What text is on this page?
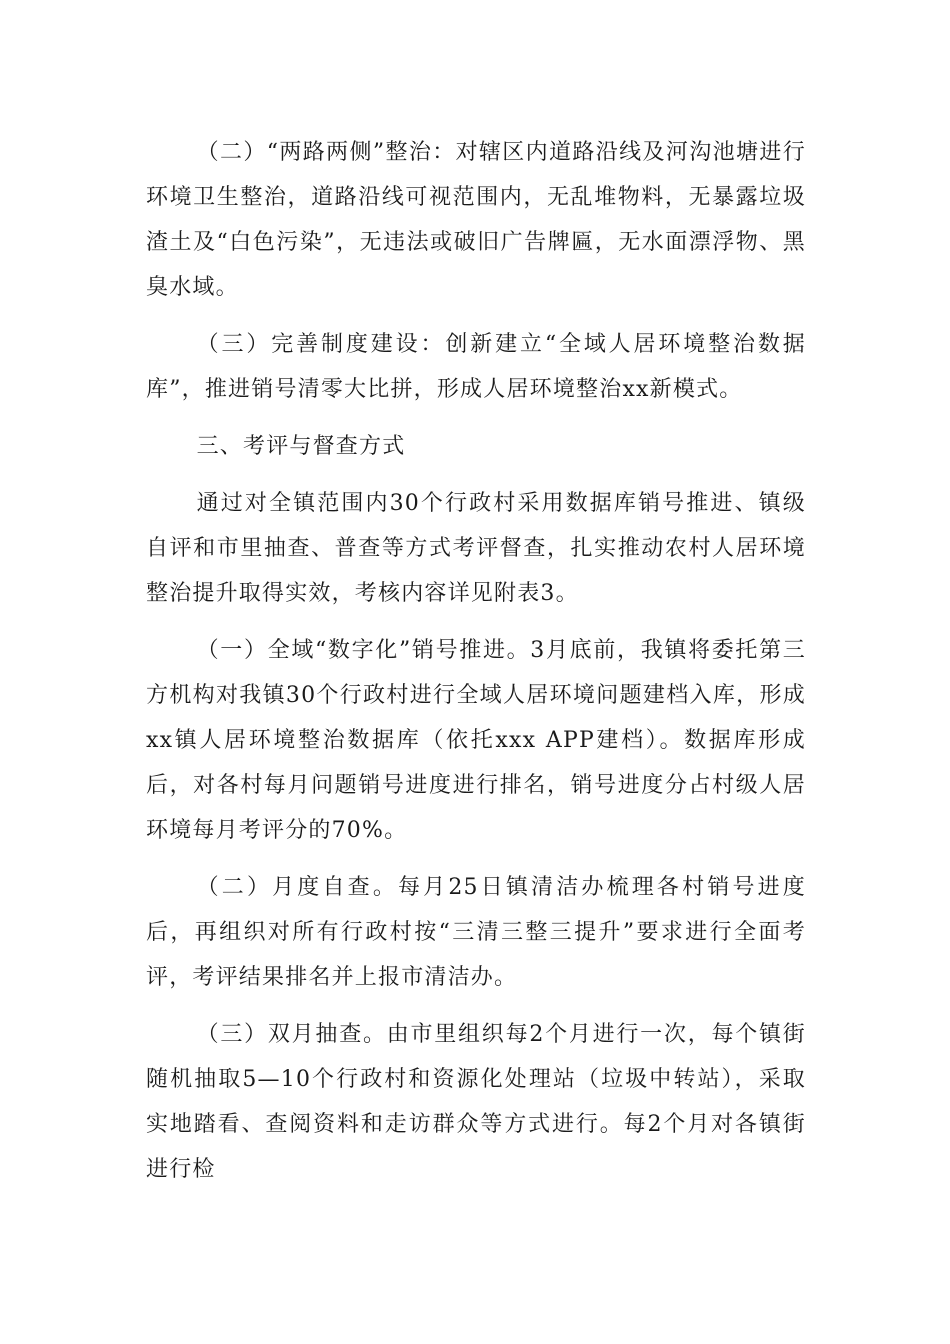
（二）“两路两侧”整治：对辖区内道路沿线及河沟池塘进行环境卫生整治，道路沿线可视范围内，无乱堆物料，无暴露垃圾渣土及“白色污染”，无违法或破旧广告牌匾，无水面漂浮物、黑臭水域。

（三）完善制度建设：创新建立“全域人居环境整治数据库”，推进销号清零大比拼，形成人居环境整治xx新模式。

三、考评与督查方式

通过对全镇范围内30个行政村采用数据库销号推进、镇级自评和市里抽查、普查等方式考评督查，扎实推动农村人居环境整治提升取得实效，考核内容详见附表3。

（一）全域“数字化”销号推进。3月底前，我镇将委托第三方机构对我镇30个行政村进行全域人居环境问题建档入库，形成xx镇人居环境整治数据库（依托xxx APP建档）。数据库形成后，对各村每月问题销号进度进行排名，销号进度分占村级人居环境每月考评分的70%。

（二）月度自查。每月25日镇清洁办梳理各村销号进度后，再组织对所有行政村按“三清三整三提升”要求进行全面考评，考评结果排名并上报市清洁办。

（三）双月抽查。由市里组织每2个月进行一次，每个镇街随机抽取5—10个行政村和资源化处理站（垃圾中转站），采取实地踏看、查阅资料和走访群众等方式进行。每2个月对各镇街进行检
